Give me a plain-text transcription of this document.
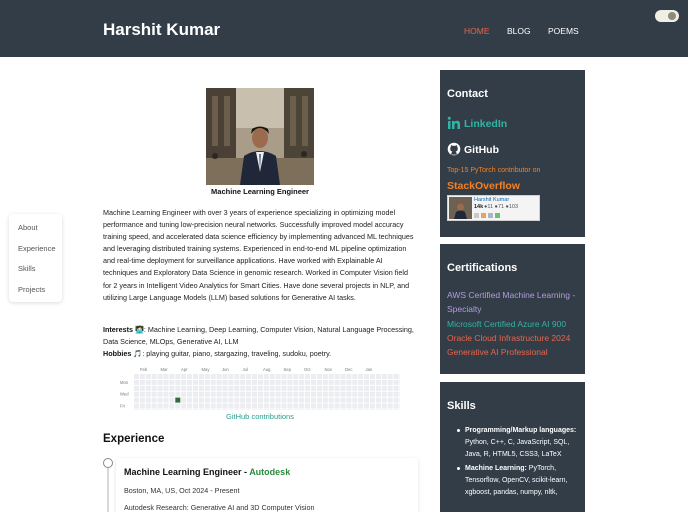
Harshit Kumar	HOME BLOG POEMS
About
Experience
Skills
Projects
Machine Learning Engineer

Machine Learning Engineer with over 3 years of experience specializing in optimizing model performance and tuning low-precision neural networks. Successfully improved model accuracy training speed, and accelerated data science efficiency by implementing advanced ML techniques and leveraging distributed training systems. Experienced in end-to-end ML pipeline optimization and real-time deployment for surveillance applications. Have worked with Explainable AI techniques and Exploratory Data Science in genomic research. Worked in Computer Vision field for 2 years in Intelligent Video Analytics for Smart Cities. Have done several projects in NLP, and utilizing Large Language Models (LLM) based solutions for Generative AI tasks.

Interests 🧑🏻‍💻: Machine Learning, Deep Learning, Computer Vision, Natural Language Processing, Data Science, MLOps, Generative AI, LLM
Hobbies 🎵: playing guitar, piano, stargazing, traveling, sudoku, poetry.
Feb	Mar	Apr	May	Jun	Jul	Aug	Sep	Oct	Nov	Dec	Jan
Mon
Wed
Fri
GitHub contributions
Experience
Machine Learning Engineer - Autodesk
Boston, MA, US, Oct 2024 - Present
Autodesk Research: Generative AI and 3D Computer Vision
Contact
LinkedIn
GitHub
Top-15 PyTorch contributor on
StackOverflow
Harshit Kumar
14k ●11 ●71 ●103
Certifications
AWS Certified Machine Learning - Specialty
Microsoft Certified Azure AI 900
Oracle Cloud Infrastructure 2024
Generative AI Professional
Skills
Programming/Markup languages: Python, C++, C, JavaScript, SQL, Java, R, HTML5, CSS3, LaTeX
Machine Learning: PyTorch, Tensorflow, OpenCV, scikit-learn, xgboost, pandas, numpy, nltk,
